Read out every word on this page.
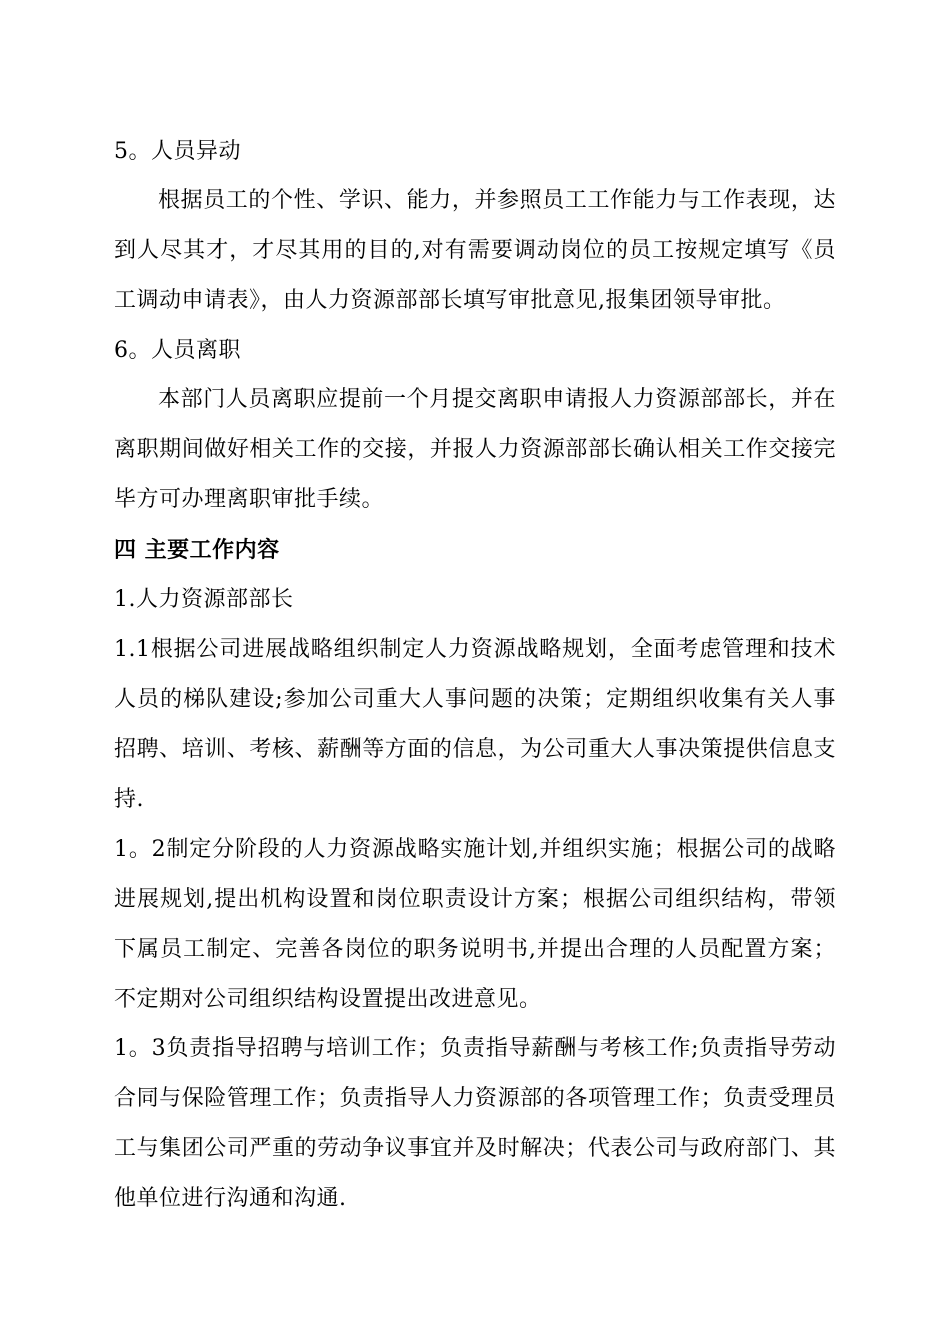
5。人员异动
根据员工的个性、学识、能力，并参照员工工作能力与工作表现，达
到人尽其才，才尽其用的目的,对有需要调动岗位的员工按规定填写《员
工调动申请表》，由人力资源部部长填写审批意见,报集团领导审批。
6。人员离职
本部门人员离职应提前一个月提交离职申请报人力资源部部长，并在
离职期间做好相关工作的交接，并报人力资源部部长确认相关工作交接完
毕方可办理离职审批手续。
四 主要工作内容
1.人力资源部部长
1.1根据公司进展战略组织制定人力资源战略规划，全面考虑管理和技术
人员的梯队建设;参加公司重大人事问题的决策；定期组织收集有关人事
招聘、培训、考核、薪酬等方面的信息，为公司重大人事决策提供信息支
持.
1。2制定分阶段的人力资源战略实施计划,并组织实施；根据公司的战略
进展规划,提出机构设置和岗位职责设计方案；根据公司组织结构，带领
下属员工制定、完善各岗位的职务说明书,并提出合理的人员配置方案；
不定期对公司组织结构设置提出改进意见。
1。3负责指导招聘与培训工作；负责指导薪酬与考核工作;负责指导劳动
合同与保险管理工作；负责指导人力资源部的各项管理工作；负责受理员
工与集团公司严重的劳动争议事宜并及时解决；代表公司与政府部门、其
他单位进行沟通和沟通.
